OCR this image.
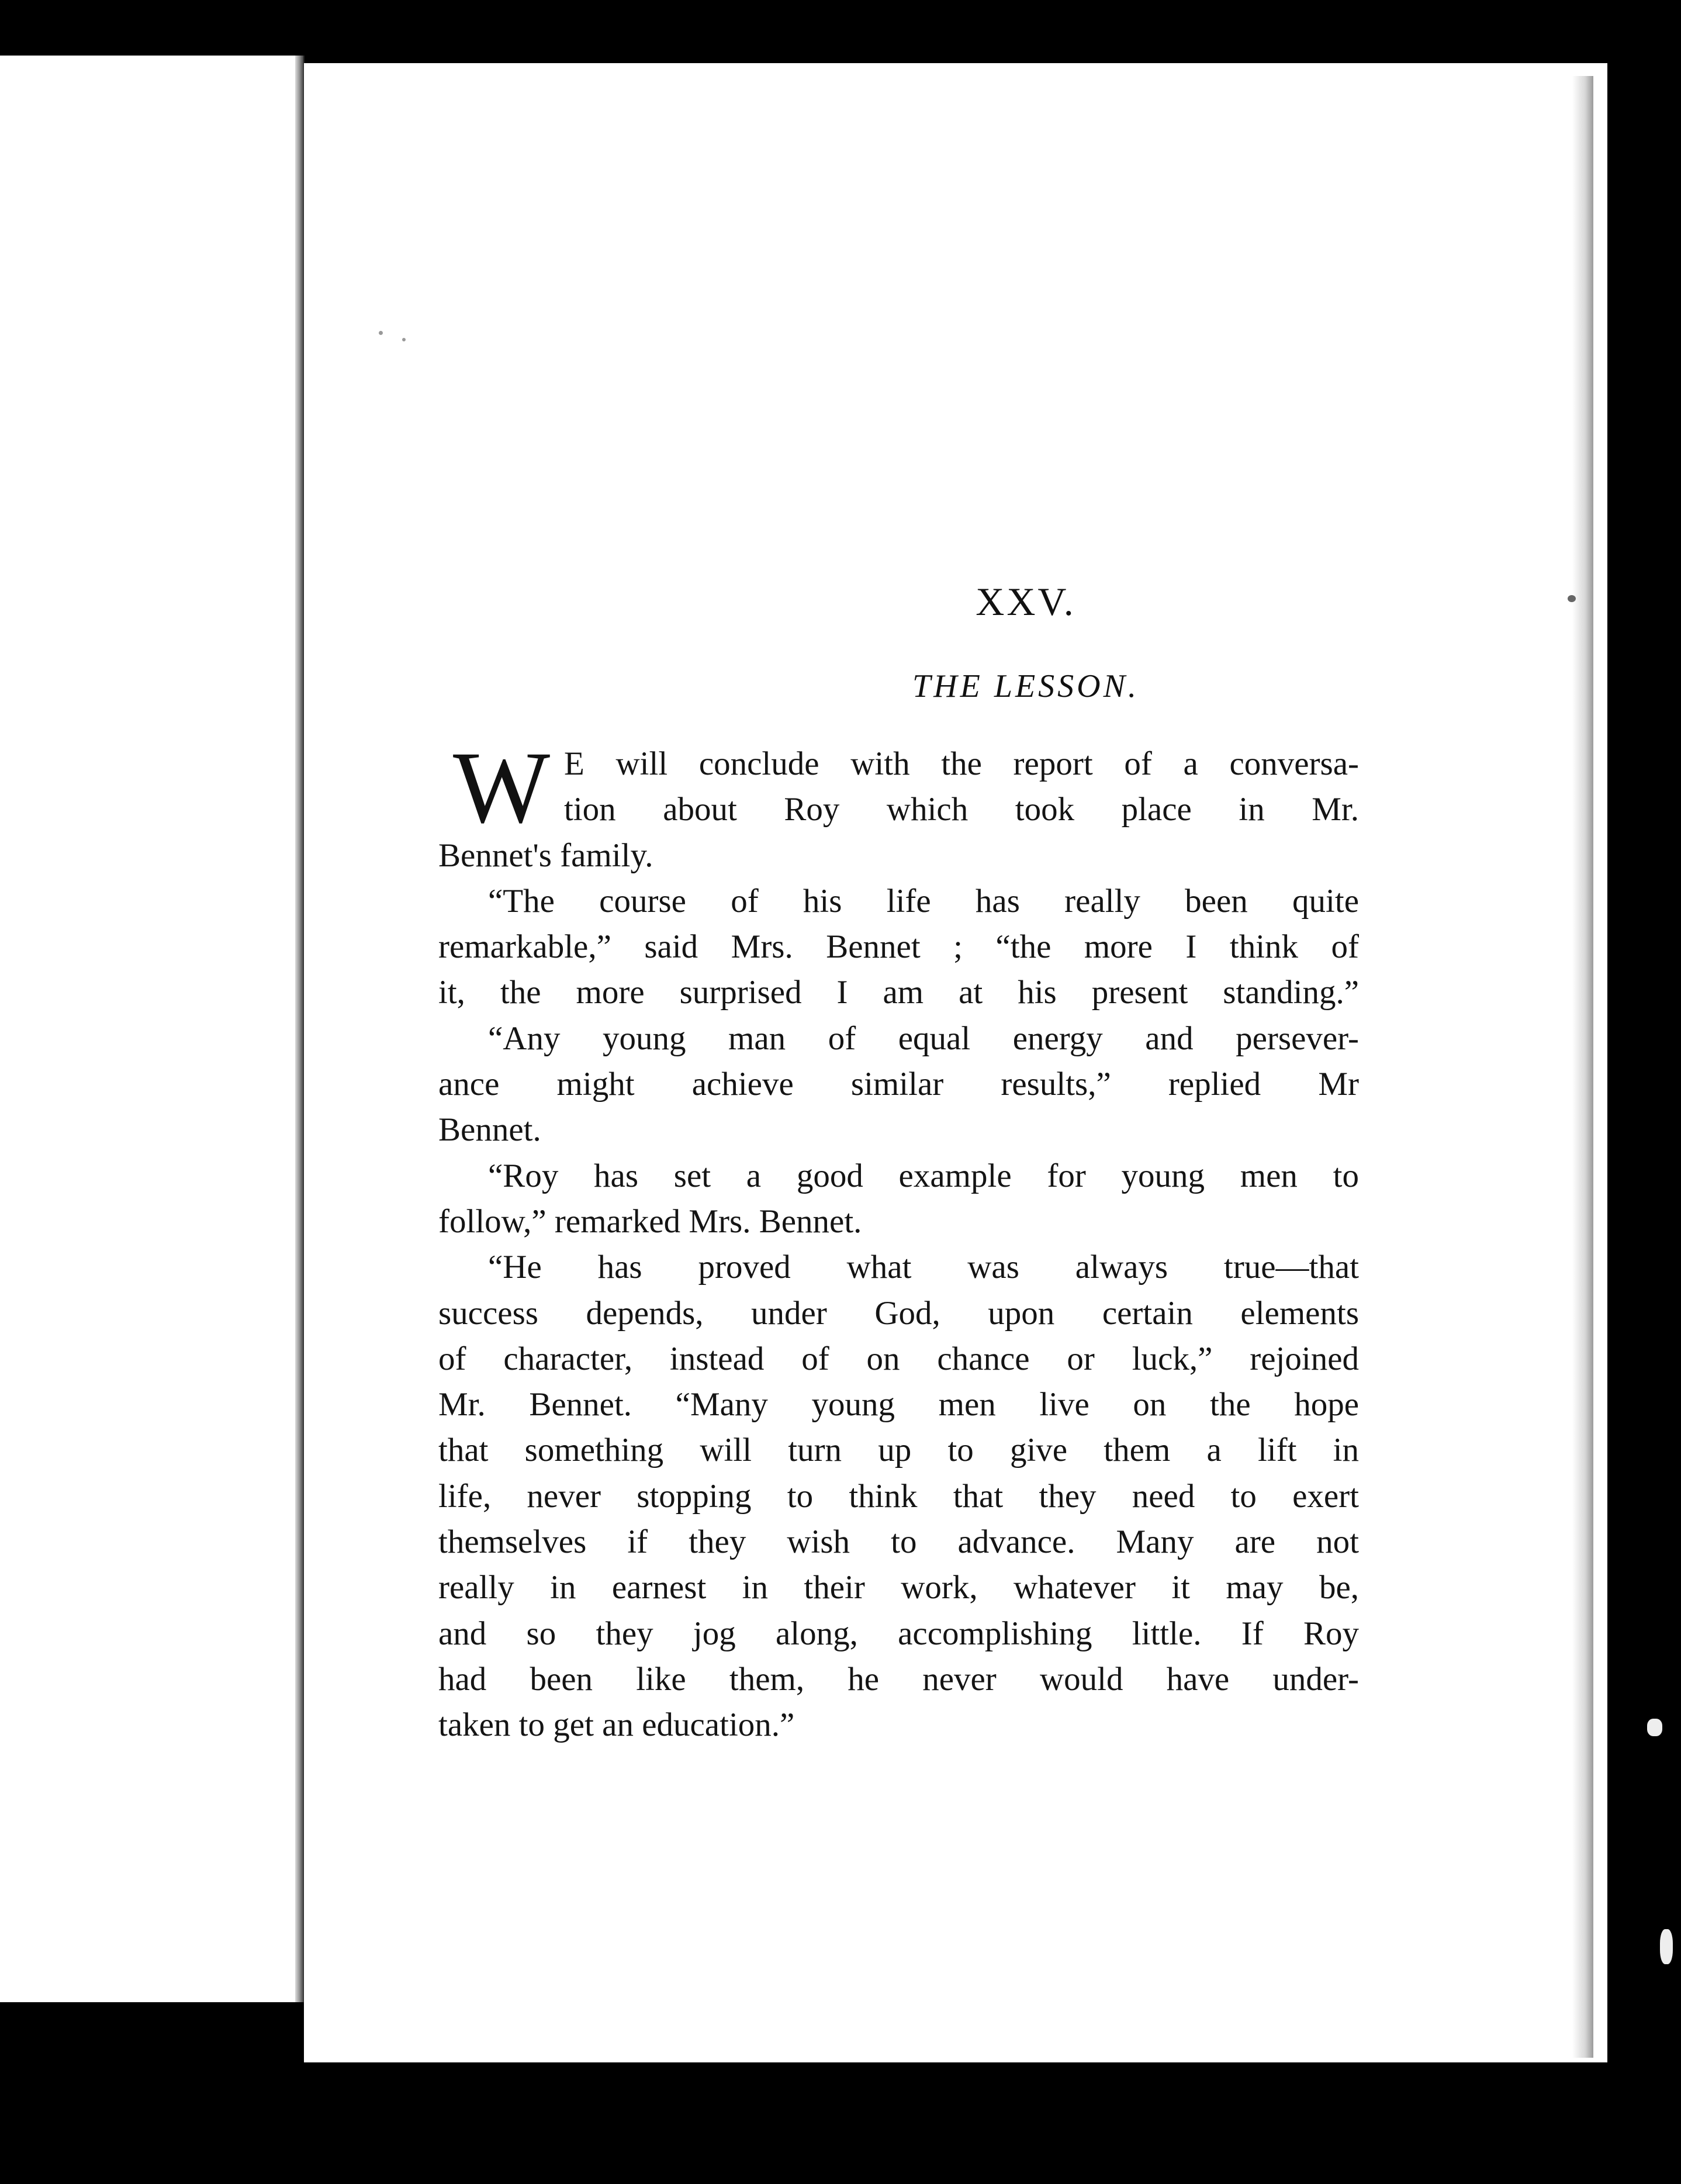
XXV.
THE LESSON.
W E will conclude with the report of a conversa-
tion about Roy which took place in Mr.
Bennet's family.
“The course of his life has really been quite
remarkable,” said Mrs. Bennet ; “the more I think of
it, the more surprised I am at his present standing.”
“Any young man of equal energy and persever-
ance might achieve similar results,” replied Mr
Bennet.
“Roy has set a good example for young men to
follow,” remarked Mrs. Bennet.
“He has proved what was always true—that
success depends, under God, upon certain elements
of character, instead of on chance or luck,” rejoined
Mr. Bennet. “Many young men live on the hope
that something will turn up to give them a lift in
life, never stopping to think that they need to exert
themselves if they wish to advance. Many are not
really in earnest in their work, whatever it may be,
and so they jog along, accomplishing little. If Roy
had been like them, he never would have under-
taken to get an education.”
